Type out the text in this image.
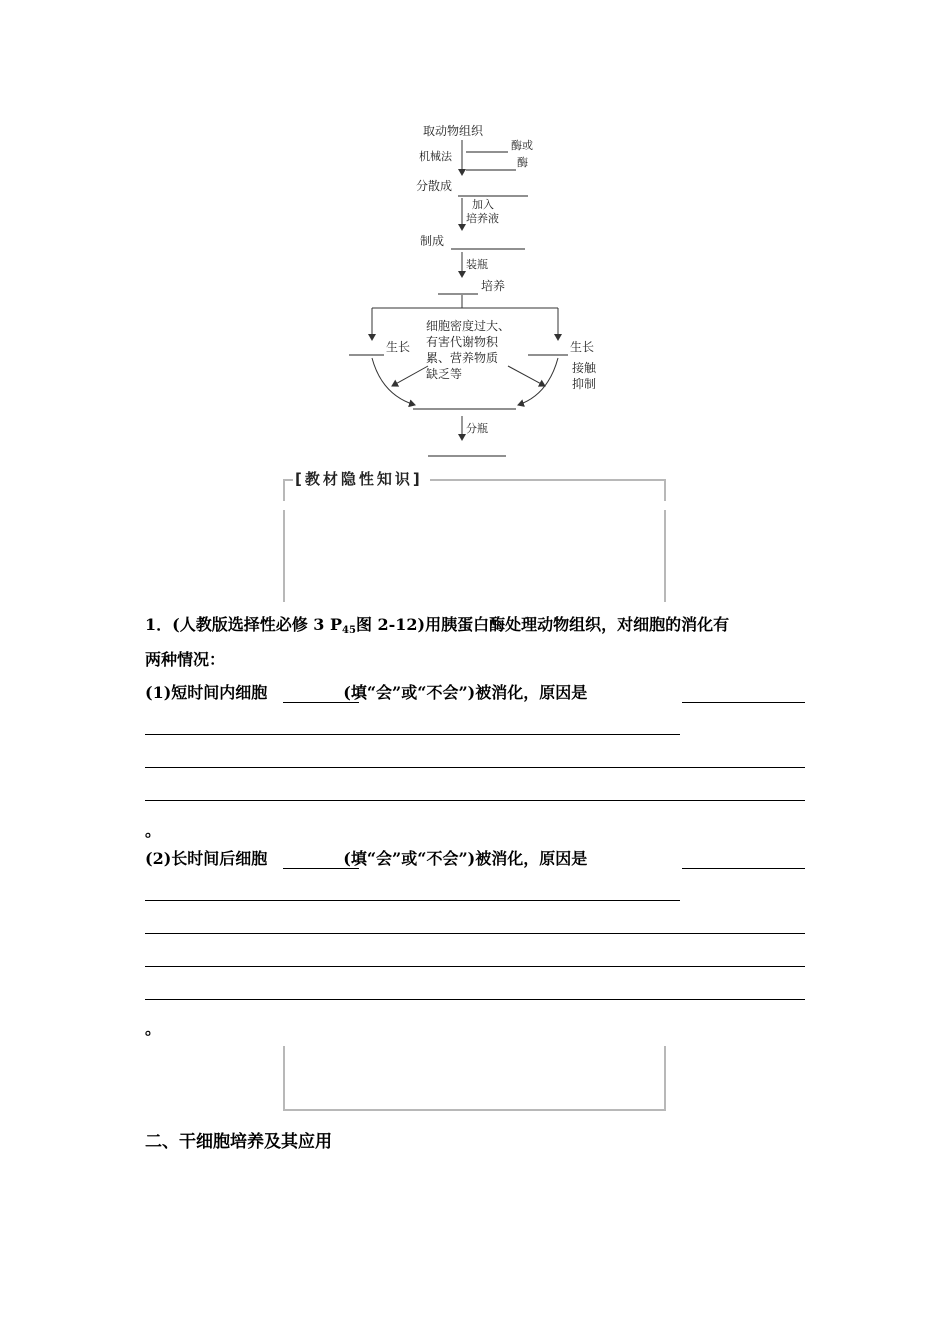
取动物组织
酶或
机械法	酶
分散成
加入
培养液
制成
装瓶
培养
生长
细胞密度过大、
有害代谢物积
累、营养物质
缺乏等
生长
接触
抑制
分瓶
[教材隐性知识]
1．(人教版选择性必修 3 $P_{45}$图 2-12)用胰蛋白酶处理动物组织，对细胞的消化有
两种情况：
(1)短时间内细胞	(填“会”或“不会”)被消化，原因是
。
(2)长时间后细胞	(填“会”或“不会”)被消化，原因是
。
二、干细胞培养及其应用
